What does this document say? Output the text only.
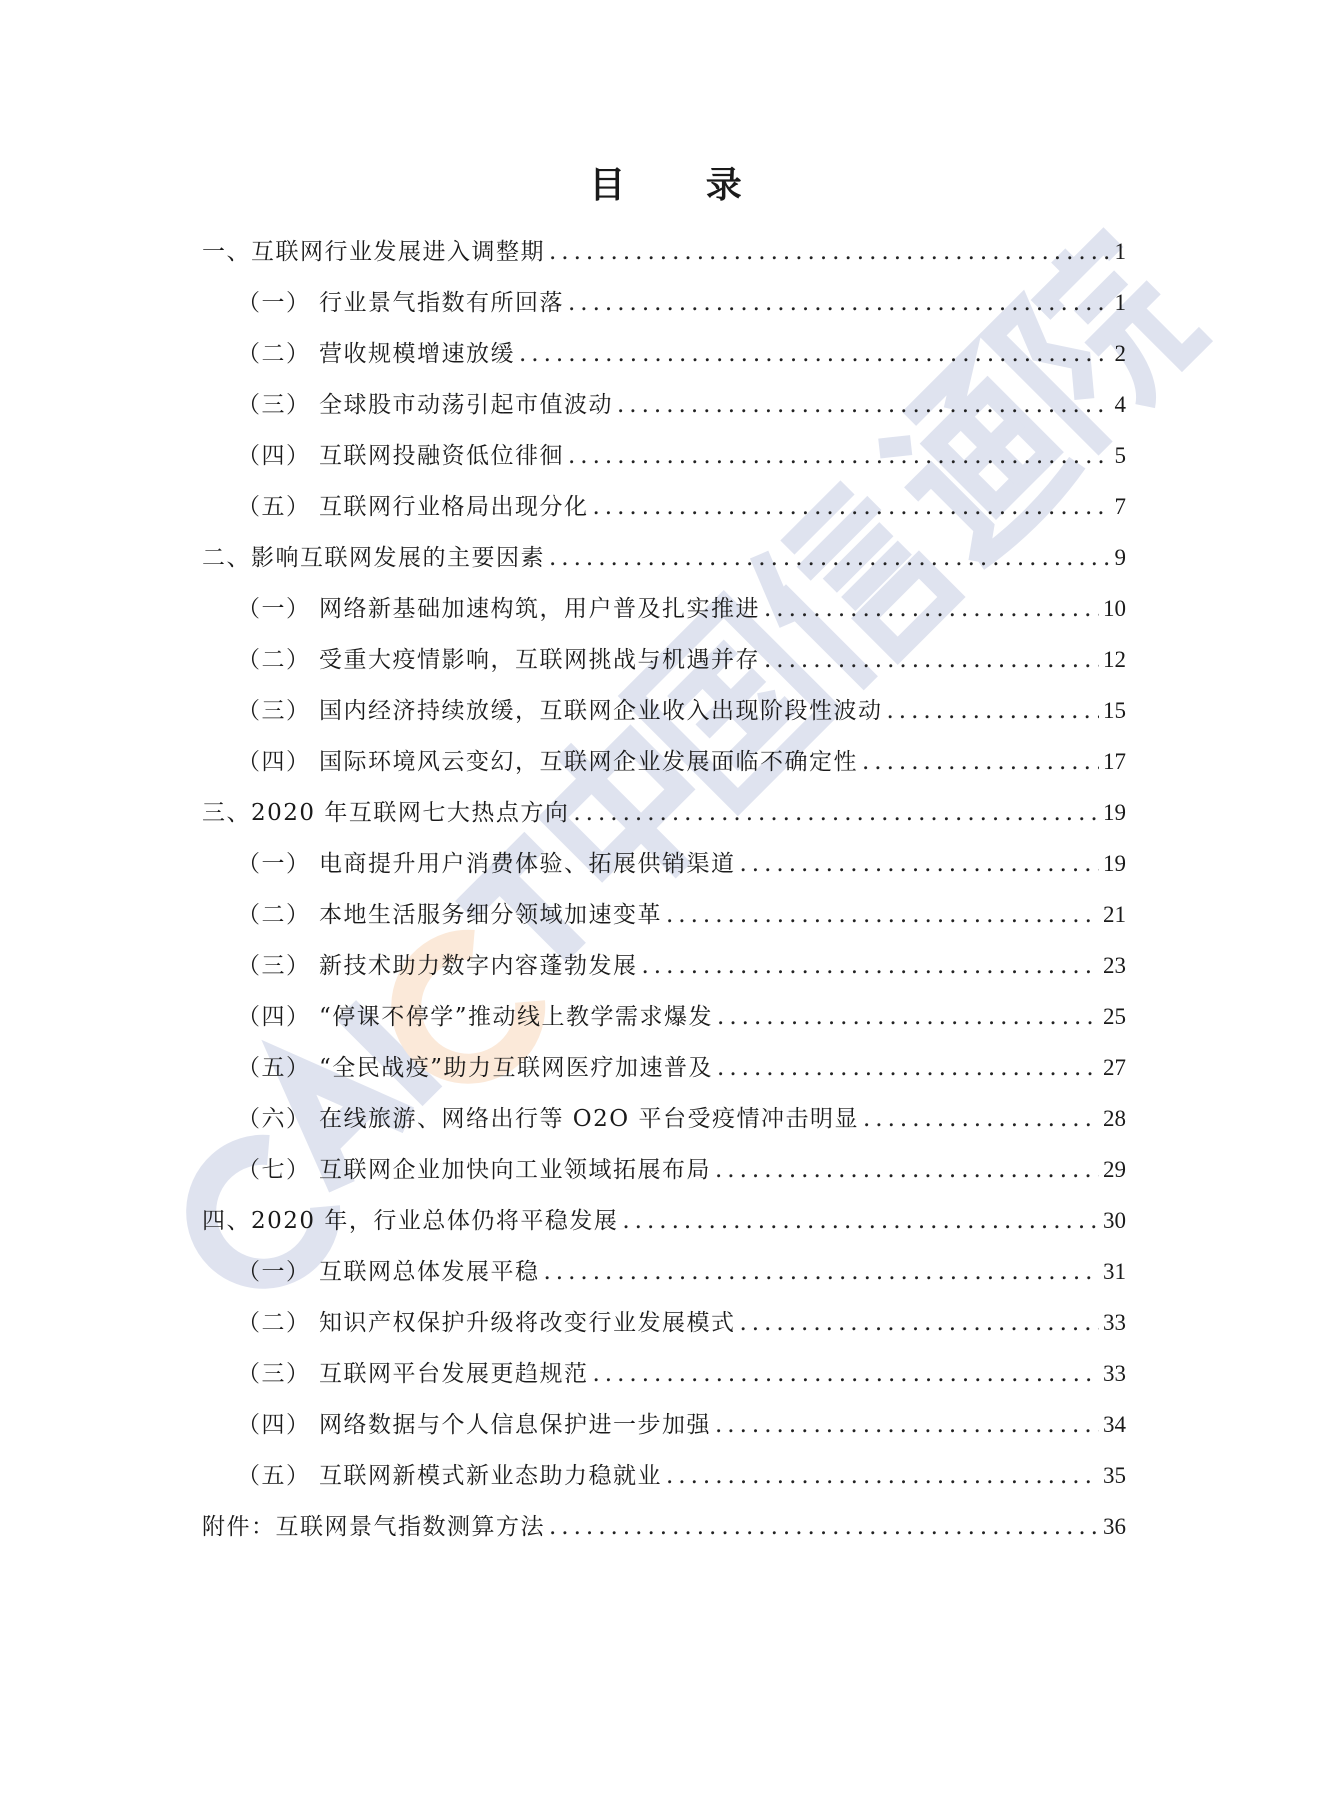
目 录
一、 互联网行业发展进入调整期 .....	1
（一） 行业景气指数有所回落 .....	1
（二） 营收规模增速放缓 .....	2
（三） 全球股市动荡引起市值波动 .....	4
（四） 互联网投融资低位徘徊 .....	5
（五） 互联网行业格局出现分化 .....	7
二、 影响互联网发展的主要因素 .....	9
（一） 网络新基础加速构筑，用户普及扎实推进 .....	10
（二） 受重大疫情影响，互联网挑战与机遇并存 .....	12
（三） 国内经济持续放缓，互联网企业收入出现阶段性波动 .....	15
（四） 国际环境风云变幻，互联网企业发展面临不确定性 .....	17
三、 2020 年互联网七大热点方向 .....	19
（一） 电商提升用户消费体验、拓展供销渠道 .....	19
（二） 本地生活服务细分领域加速变革 .....	21
（三） 新技术助力数字内容蓬勃发展 .....	23
（四） “停课不停学”推动线上教学需求爆发 .....	25
（五） “全民战疫”助力互联网医疗加速普及 .....	27
（六） 在线旅游、网络出行等 O2O 平台受疫情冲击明显 .....	28
（七） 互联网企业加快向工业领域拓展布局 .....	29
四、 2020 年，行业总体仍将平稳发展 .....	30
（一） 互联网总体发展平稳 .....	31
（二） 知识产权保护升级将改变行业发展模式 .....	33
（三） 互联网平台发展更趋规范 .....	33
（四） 网络数据与个人信息保护进一步加强 .....	34
（五） 互联网新模式新业态助力稳就业 .....	35
附件：互联网景气指数测算方法 .....	36
